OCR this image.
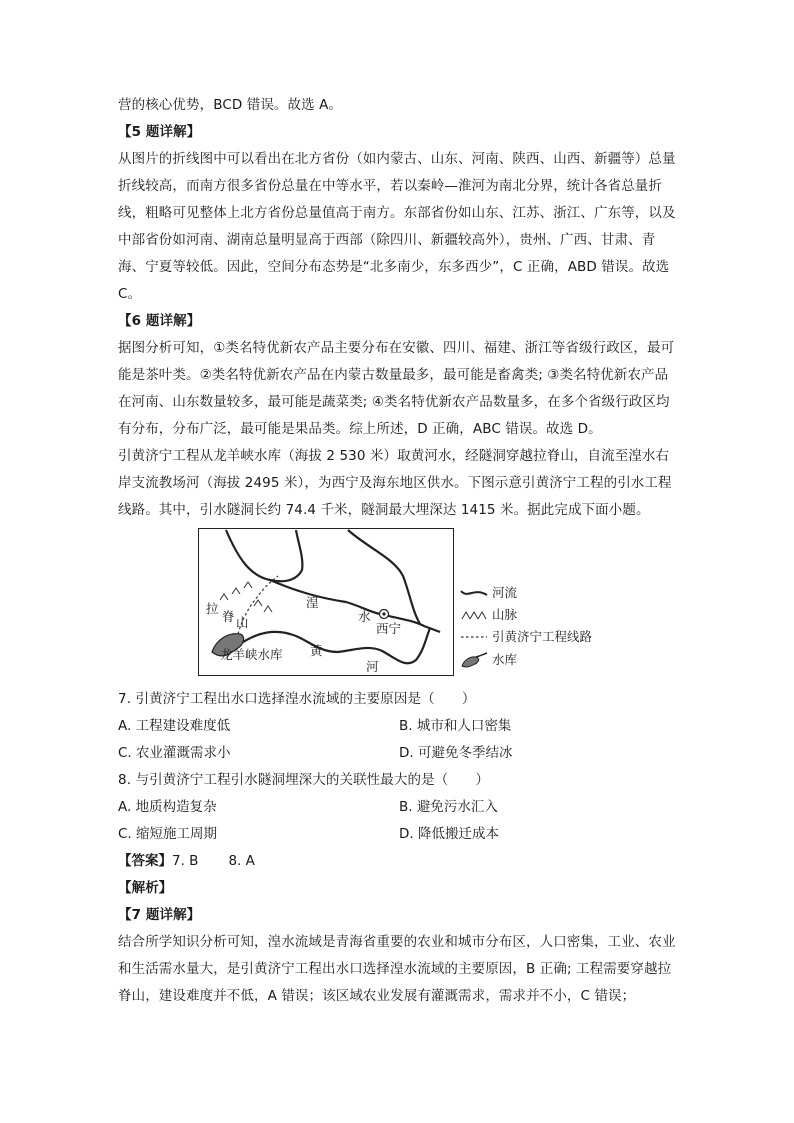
营的核心优势，BCD 错误。故选 A。

【5 题详解】

从图片的折线图中可以看出在北方省份（如内蒙古、山东、河南、陕西、山西、新疆等）总量折线较高，而南方很多省份总量在中等水平，若以秦岭—淮河为南北分界，统计各省总量折线，粗略可见整体上北方省份总量值高于南方。东部省份如山东、江苏、浙江、广东等，以及中部省份如河南、湖南总量明显高于西部（除四川、新疆较高外），贵州、广西、甘肃、青海、宁夏等较低。因此，空间分布态势是“北多南少，东多西少”，C 正确，ABD 错误。故选 C。

【6 题详解】

据图分析可知，①类名特优新农产品主要分布在安徽、四川、福建、浙江等省级行政区，最可能是茶叶类。②类名特优新农产品在内蒙古数量最多，最可能是畜禽类; ③类名特优新农产品在河南、山东数量较多，最可能是蔬菜类; ④类名特优新农产品数量多，在多个省级行政区均有分布，分布广泛，最可能是果品类。综上所述，D 正确，ABC 错误。故选 D。

引黄济宁工程从龙羊峡水库（海拔 2 530 米）取黄河水，经隧洞穿越拉脊山，自流至湟水右岸支流教场河（海拔 2495 米），为西宁及海东地区供水。下图示意引黄济宁工程的引水工程线路。其中，引水隧洞长约 74.4 千米，隧洞最大埋深达 1415 米。据此完成下面小题。

湟
水
西宁
黄
河
龙羊峡水库
拉
脊 山
河流
山脉
引黄济宁工程线路
水库

7. 引黄济宁工程出水口选择湟水流域的主要原因是（　　）

A. 工程建设难度低	B. 城市和人口密集
C. 农业灌溉需求小	D. 可避免冬季结冰

8. 与引黄济宁工程引水隧洞埋深大的关联性最大的是（　　）

A. 地质构造复杂	B. 避免污水汇入
C. 缩短施工周期	D. 降低搬迁成本
【答案】7. B 8. A

【解析】

【7 题详解】

结合所学知识分析可知，湟水流域是青海省重要的农业和城市分布区，人口密集，工业、农业和生活需水量大，是引黄济宁工程出水口选择湟水流域的主要原因，B 正确; 工程需要穿越拉脊山，建设难度并不低，A 错误；该区域农业发展有灌溉需求，需求并不小，C 错误；
